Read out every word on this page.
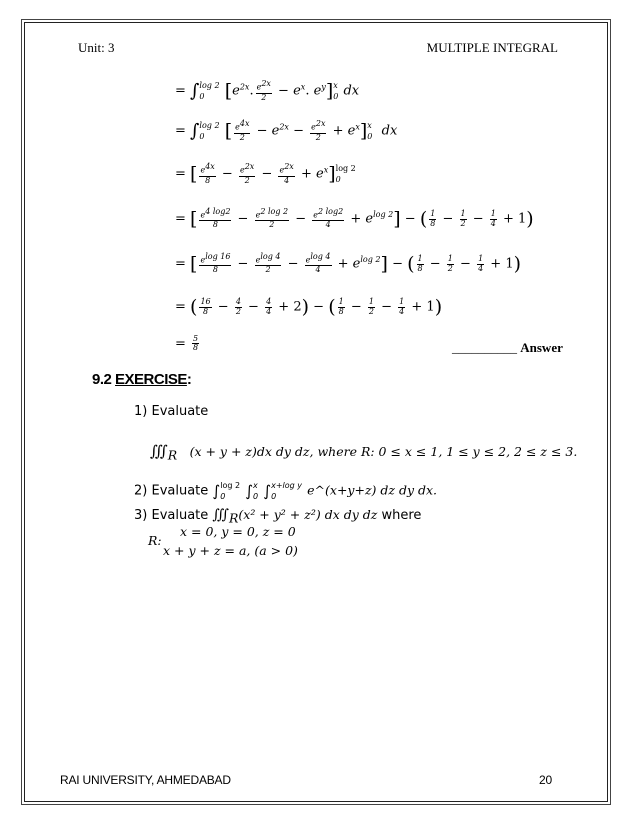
Unit: 3	MULTIPLE INTEGRAL
= ∫ log 2
0	[$e^{2x}$. $\frac{e^{2x}}{2} - e^x$. $e^y$] x
0 dx
= ∫ log 2
0	[ $\frac{e^{4x}}{2} - e^{2x} - \frac{e^{2x}}{2} + e^x$] x
0 dx
= [ $\frac{e^{4x}}{8} - \frac{e^{2x}}{2} - \frac{e^{2x}}{4} + e^x$] log 2
0
= [ $\frac{e^{4 log2}}{8} - \frac{e^{2 log 2}}{2} - \frac{e^{2 log2}}{4} + e^{log 2}$] − ( $\frac{1}{8} - \frac{1}{2} - \frac{1}{4} + 1$)
= [ $\frac{e^{log 16}}{8} - \frac{e^{log 4}}{2} - \frac{e^{log 4}}{4} + e^{log 2}$] − ( $\frac{1}{8} - \frac{1}{2} - \frac{1}{4} + 1$)
= ( $\frac{16}{8} - \frac{4}{2} - \frac{4}{4} + 2$) − ( $\frac{1}{8} - \frac{1}{2} - \frac{1}{4} + 1$)
= $\frac{5}{8}$	__________ Answer
9.2 EXERCISE:
1) Evaluate
$∭_R$ (x + y + z)dx dy dz, where R: 0 ≤ x ≤ 1, 1 ≤ y ≤ 2, 2 ≤ z ≤ 3.
2) Evaluate ∫ log 2
0	∫ x
0 ∫ x+log y
0	e^(x+y+z) dz dy dx.
3) Evaluate $∭_R(x^2 + y^2 + z^2)$ dx dy dz where
R:
x = 0, y = 0, z = 0
x + y + z = a, (a > 0)
RAI UNIVERSITY, AHMEDABAD	20
